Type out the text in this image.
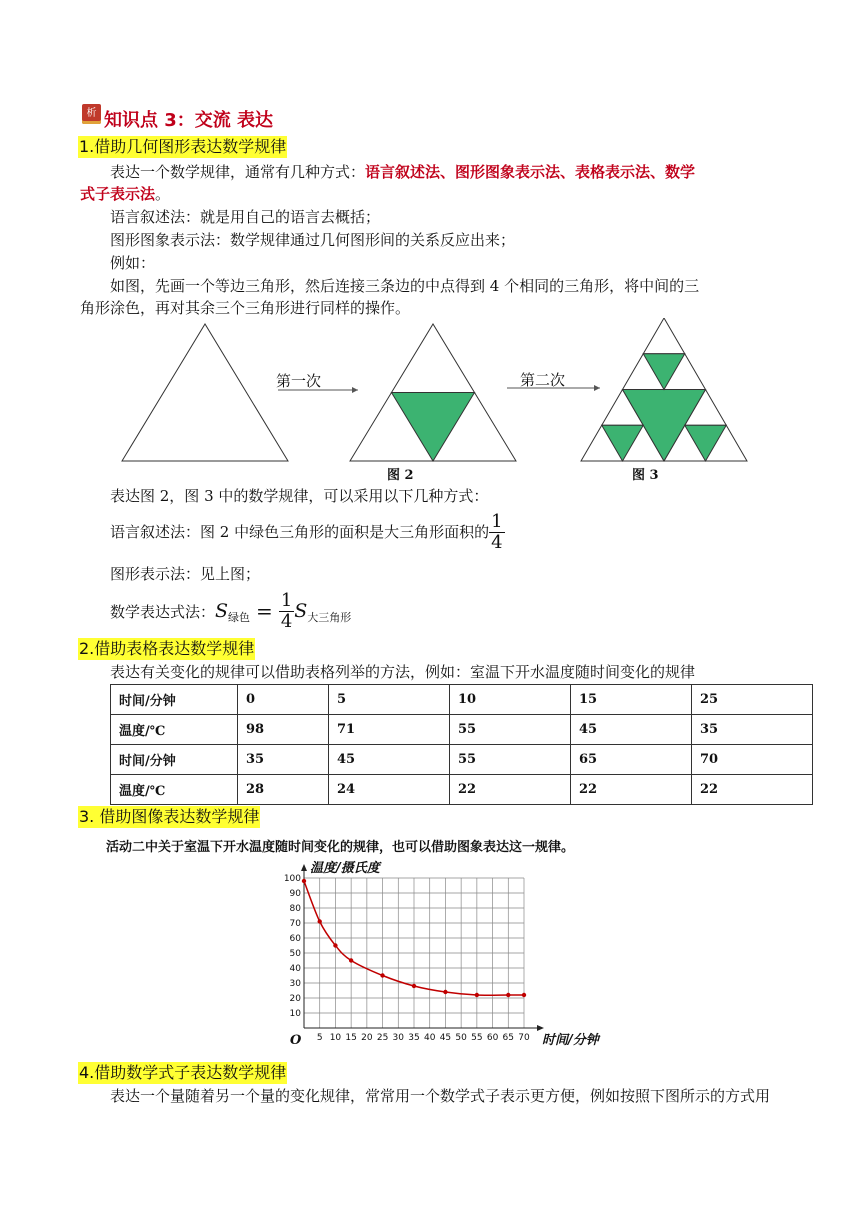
析 知识点 3：交流 表达
1.借助几何图形表达数学规律
表达一个数学规律，通常有几种方式：语言叙述法、图形图象表示法、表格表示法、数学
式子表示法。
语言叙述法：就是用自己的语言去概括；
图形图象表示法：数学规律通过几何图形间的关系反应出来；
例如：
如图，先画一个等边三角形，然后连接三条边的中点得到 4 个相同的三角形，将中间的三
角形涂色，再对其余三个三角形进行同样的操作。
第一次	第二次
图 2	图 3
表达图 2，图 3 中的数学规律，可以采用以下几种方式：
语言叙述法：图 2 中绿色三角形的面积是大三角形面积的 $\frac{1}{4}$
图形表示法：见上图；
数学表达式法： S 绿色 = $\frac{1}{4}$ S 大三角形
2.借助表格表达数学规律
表达有关变化的规律可以借助表格列举的方法，例如：室温下开水温度随时间变化的规律
时间/分钟	0	5	10	15	25
温度/℃	98	71	55	45	35
时间/分钟	35	45	55	65	70
温度/℃	28	24	22	22	22
3. 借助图像表达数学规律
活动二中关于室温下开水温度随时间变化的规律，也可以借助图象表达这一规律。
5 10 15 20 25 30 35 40 45 50 55 60 65 70
10
20
30
40
50
60
70
80
90
100
O
温度/摄氏度
时间/分钟
4.借助数学式子表达数学规律
表达一个量随着另一个量的变化规律，常常用一个数学式子表示更方便，例如按照下图所示的方式用
